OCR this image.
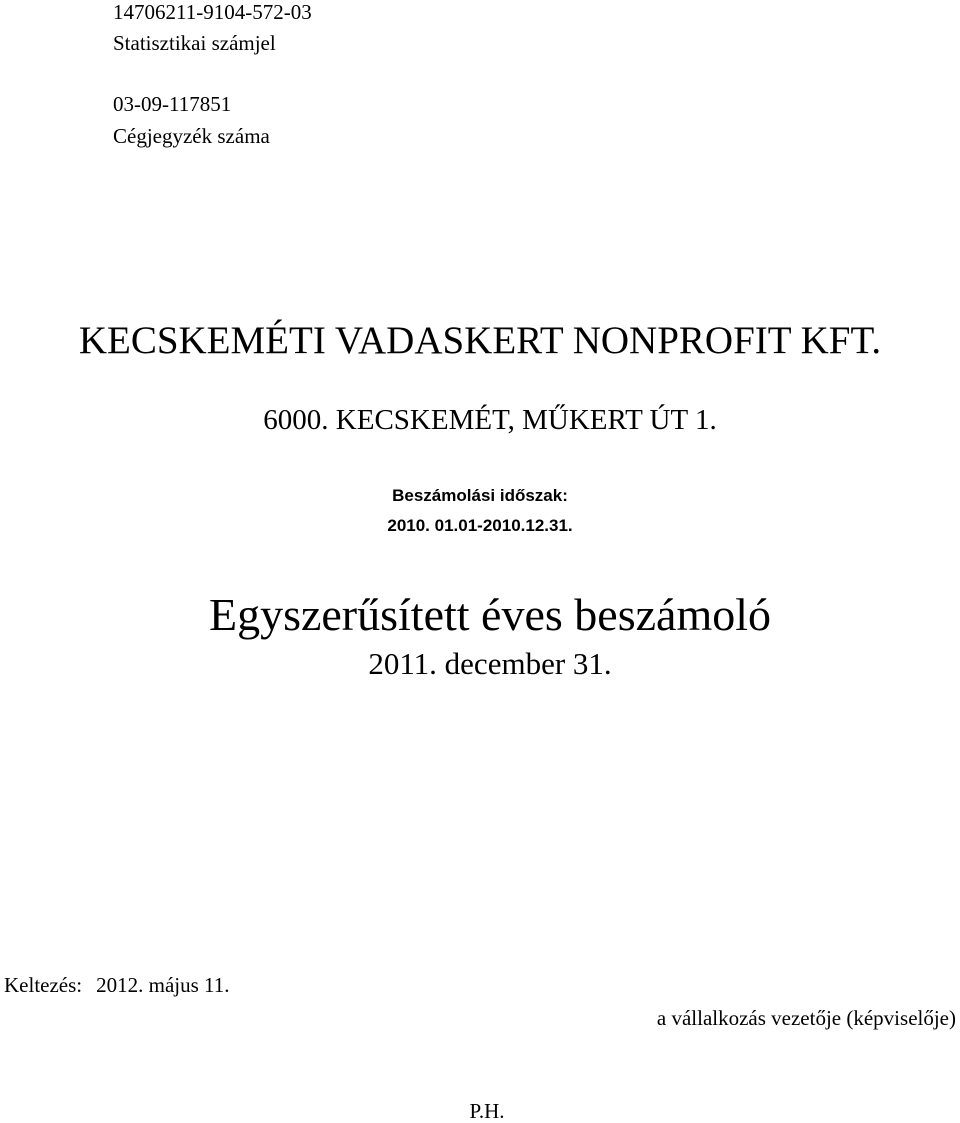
14706211-9104-572-03
Statisztikai számjel
03-09-117851
Cégjegyzék száma
KECSKEMÉTI VADASKERT NONPROFIT KFT.
6000. KECSKEMÉT, MŰKERT ÚT 1.
Beszámolási időszak:
2010. 01.01-2010.12.31.
Egyszerűsített éves beszámoló
2011. december 31.
Keltezés: 2012. május 11.
a vállalkozás vezetője (képviselője)
P.H.
